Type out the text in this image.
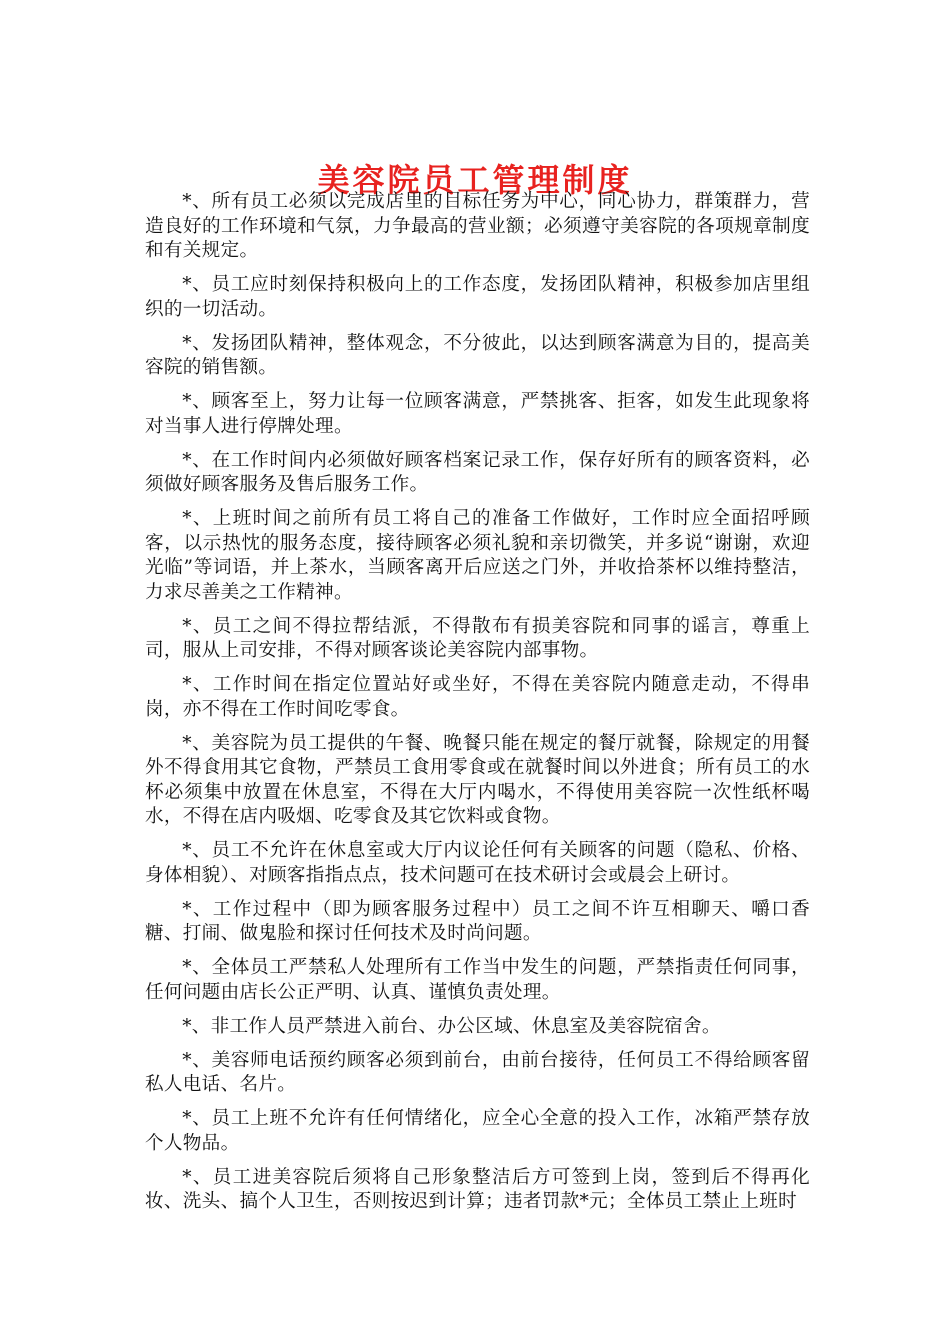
美容院员工管理制度

*、所有员工必须以完成店里的目标任务为中心，同心协力，群策群力，营造良好的工作环境和气氛，力争最高的营业额；必须遵守美容院的各项规章制度和有关规定。

*、员工应时刻保持积极向上的工作态度，发扬团队精神，积极参加店里组织的一切活动。

*、发扬团队精神，整体观念，不分彼此，以达到顾客满意为目的，提高美容院的销售额。

*、顾客至上，努力让每一位顾客满意，严禁挑客、拒客，如发生此现象将对当事人进行停牌处理。

*、在工作时间内必须做好顾客档案记录工作，保存好所有的顾客资料，必须做好顾客服务及售后服务工作。

*、上班时间之前所有员工将自己的准备工作做好，工作时应全面招呼顾客，以示热忱的服务态度，接待顾客必须礼貌和亲切微笑，并多说“谢谢，欢迎光临”等词语，并上茶水，当顾客离开后应送之门外，并收拾茶杯以维持整洁，力求尽善美之工作精神。

*、员工之间不得拉帮结派，不得散布有损美容院和同事的谣言，尊重上司，服从上司安排，不得对顾客谈论美容院内部事物。

*、工作时间在指定位置站好或坐好，不得在美容院内随意走动，不得串岗，亦不得在工作时间吃零食。

*、美容院为员工提供的午餐、晚餐只能在规定的餐厅就餐，除规定的用餐外不得食用其它食物，严禁员工食用零食或在就餐时间以外进食；所有员工的水杯必须集中放置在休息室，不得在大厅内喝水，不得使用美容院一次性纸杯喝水，不得在店内吸烟、吃零食及其它饮料或食物。

*、员工不允许在休息室或大厅内议论任何有关顾客的问题（隐私、价格、身体相貌）、对顾客指指点点，技术问题可在技术研讨会或晨会上研讨。

*、工作过程中（即为顾客服务过程中）员工之间不许互相聊天、嚼口香糖、打闹、做鬼脸和探讨任何技术及时尚问题。

*、全体员工严禁私人处理所有工作当中发生的问题，严禁指责任何同事，任何问题由店长公正严明、认真、谨慎负责处理。

*、非工作人员严禁进入前台、办公区域、休息室及美容院宿舍。

*、美容师电话预约顾客必须到前台，由前台接待，任何员工不得给顾客留私人电话、名片。

*、员工上班不允许有任何情绪化，应全心全意的投入工作，冰箱严禁存放个人物品。

*、员工进美容院后须将自己形象整洁后方可签到上岗，签到后不得再化妆、洗头、搞个人卫生，否则按迟到计算；违者罚款*元；全体员工禁止上班时
